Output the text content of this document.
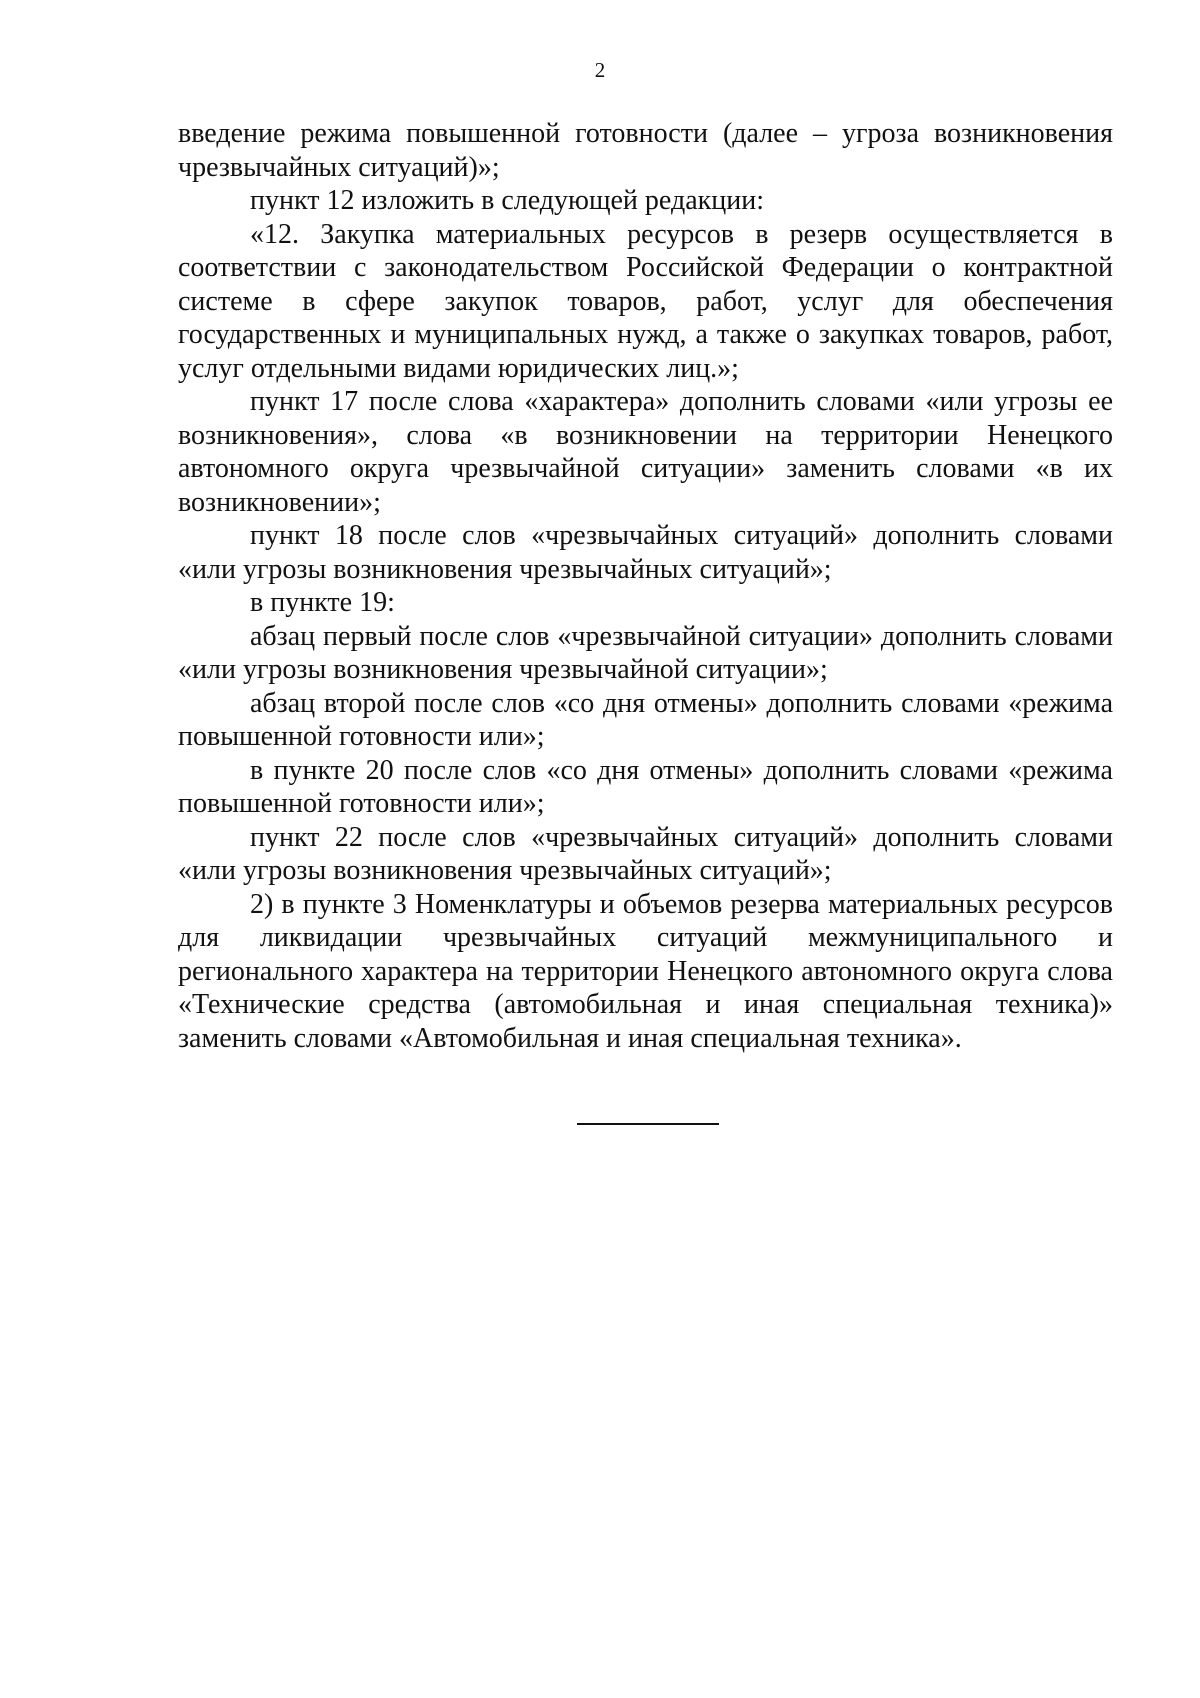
2

введение режима повышенной готовности (далее – угроза возникновения чрезвычайных ситуаций)»;

пункт 12 изложить в следующей редакции:

«12. Закупка материальных ресурсов в резерв осуществляется в соответствии с законодательством Российской Федерации о контрактной системе в сфере закупок товаров, работ, услуг для обеспечения государственных и муниципальных нужд, а также о закупках товаров, работ, услуг отдельными видами юридических лиц.»;

пункт 17 после слова «характера» дополнить словами «или угрозы ее возникновения», слова «в возникновении на территории Ненецкого автономного округа чрезвычайной ситуации» заменить словами «в их возникновении»;

пункт 18 после слов «чрезвычайных ситуаций» дополнить словами «или угрозы возникновения чрезвычайных ситуаций»;

в пункте 19:

абзац первый после слов «чрезвычайной ситуации» дополнить словами «или угрозы возникновения чрезвычайной ситуации»;

абзац второй после слов «со дня отмены» дополнить словами «режима повышенной готовности или»;

в пункте 20 после слов «со дня отмены» дополнить словами «режима повышенной готовности или»;

пункт 22 после слов «чрезвычайных ситуаций» дополнить словами «или угрозы возникновения чрезвычайных ситуаций»;

2) в пункте 3 Номенклатуры и объемов резерва материальных ресурсов для ликвидации чрезвычайных ситуаций межмуниципального и регионального характера на территории Ненецкого автономного округа слова «Технические средства (автомобильная и иная специальная техника)» заменить словами «Автомобильная и иная специальная техника».
